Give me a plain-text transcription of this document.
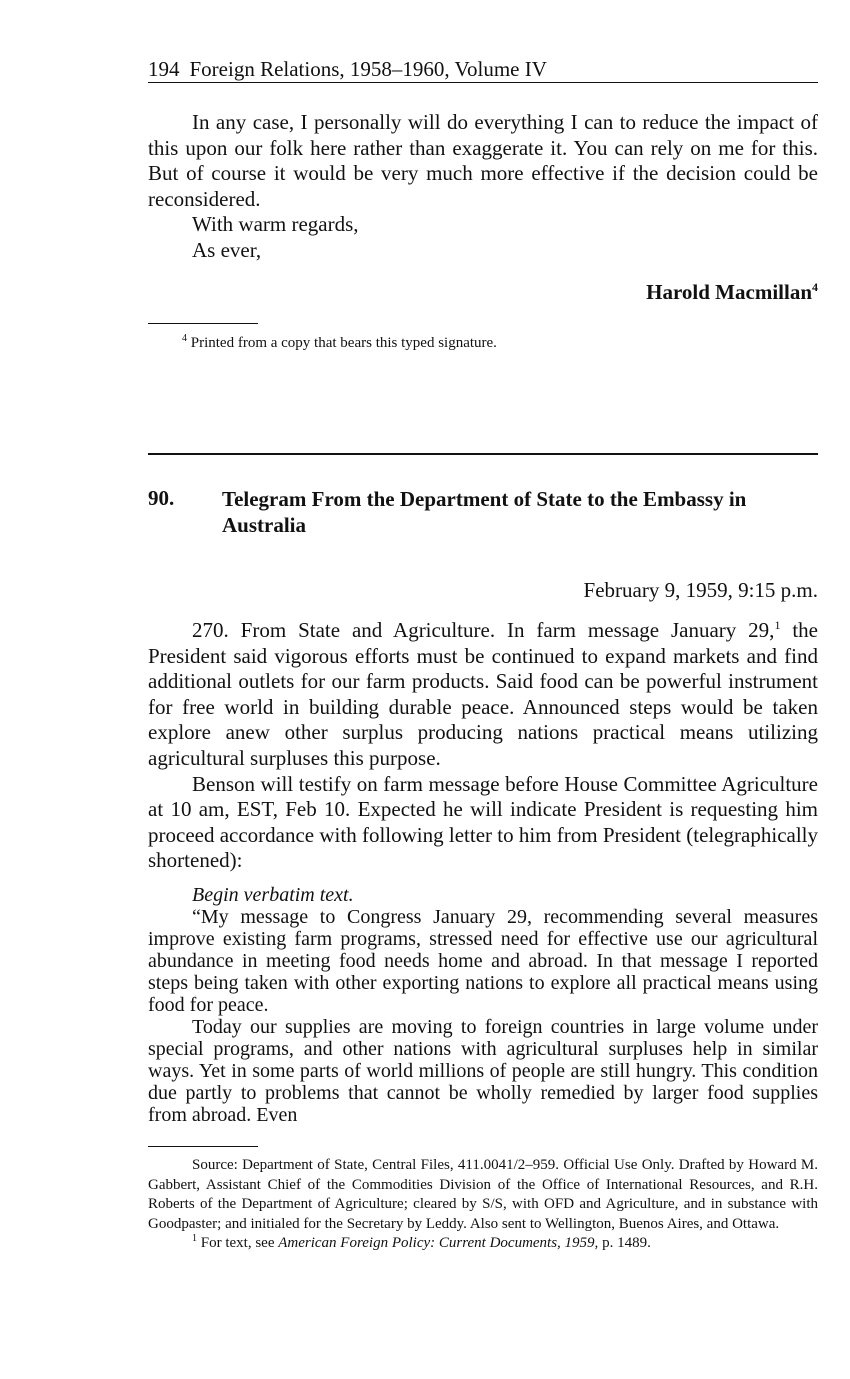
194 Foreign Relations, 1958–1960, Volume IV

In any case, I personally will do everything I can to reduce the impact of this upon our folk here rather than exaggerate it. You can rely on me for this. But of course it would be very much more effective if the decision could be reconsidered.

With warm regards,
As ever,
Harold Macmillan$^4$

$^4$ Printed from a copy that bears this typed signature.

90. Telegram From the Department of State to the Embassy in Australia
February 9, 1959, 9:15 p.m.

270. From State and Agriculture. In farm message January 29,$^1$ the President said vigorous efforts must be continued to expand markets and find additional outlets for our farm products. Said food can be powerful instrument for free world in building durable peace. Announced steps would be taken explore anew other surplus producing nations practical means utilizing agricultural surpluses this purpose.

Benson will testify on farm message before House Committee Agriculture at 10 am, EST, Feb 10. Expected he will indicate President is requesting him proceed accordance with following letter to him from President (telegraphically shortened):

Begin verbatim text.

“My message to Congress January 29, recommending several measures improve existing farm programs, stressed need for effective use our agricultural abundance in meeting food needs home and abroad. In that message I reported steps being taken with other exporting nations to explore all practical means using food for peace.

Today our supplies are moving to foreign countries in large volume under special programs, and other nations with agricultural surpluses help in similar ways. Yet in some parts of world millions of people are still hungry. This condition due partly to problems that cannot be wholly remedied by larger food supplies from abroad. Even

Source: Department of State, Central Files, 411.0041/2–959. Official Use Only. Drafted by Howard M. Gabbert, Assistant Chief of the Commodities Division of the Office of International Resources, and R.H. Roberts of the Department of Agriculture; cleared by S/S, with OFD and Agriculture, and in substance with Goodpaster; and initialed for the Secretary by Leddy. Also sent to Wellington, Buenos Aires, and Ottawa.

$^1$ For text, see American Foreign Policy: Current Documents, 1959, p. 1489.
